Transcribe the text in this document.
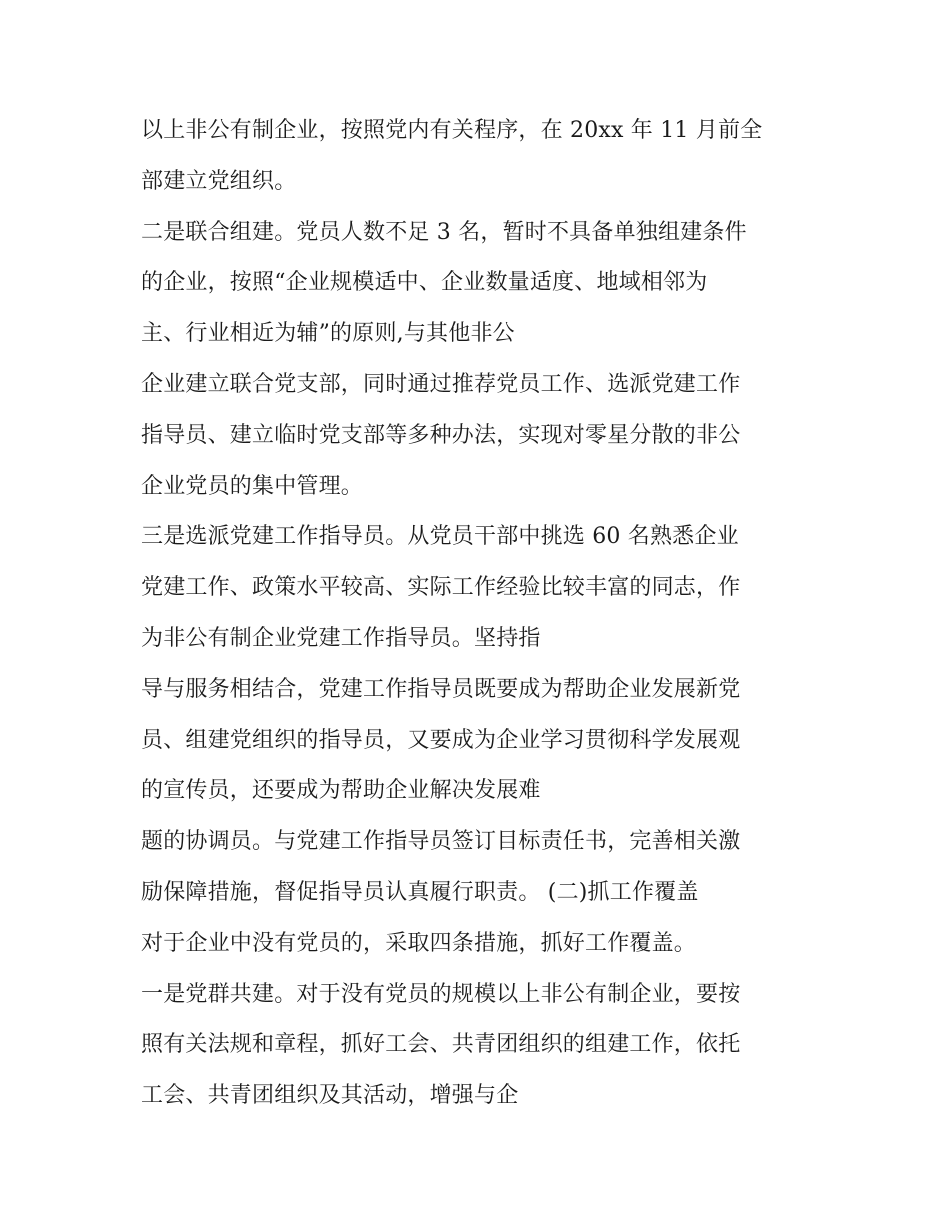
以上非公有制企业，按照党内有关程序，在 20xx 年 11 月前全
部建立党组织。
二是联合组建。党员人数不足 3 名，暂时不具备单独组建条件
的企业，按照“企业规模适中、企业数量适度、地域相邻为
主、行业相近为辅”的原则,与其他非公
企业建立联合党支部，同时通过推荐党员工作、选派党建工作
指导员、建立临时党支部等多种办法，实现对零星分散的非公
企业党员的集中管理。
三是选派党建工作指导员。从党员干部中挑选 60 名熟悉企业
党建工作、政策水平较高、实际工作经验比较丰富的同志，作
为非公有制企业党建工作指导员。坚持指
导与服务相结合，党建工作指导员既要成为帮助企业发展新党
员、组建党组织的指导员，又要成为企业学习贯彻科学发展观
的宣传员，还要成为帮助企业解决发展难
题的协调员。与党建工作指导员签订目标责任书，完善相关激
励保障措施，督促指导员认真履行职责。 (二)抓工作覆盖
对于企业中没有党员的，采取四条措施，抓好工作覆盖。
一是党群共建。对于没有党员的规模以上非公有制企业，要按
照有关法规和章程，抓好工会、共青团组织的组建工作，依托
工会、共青团组织及其活动，增强与企
